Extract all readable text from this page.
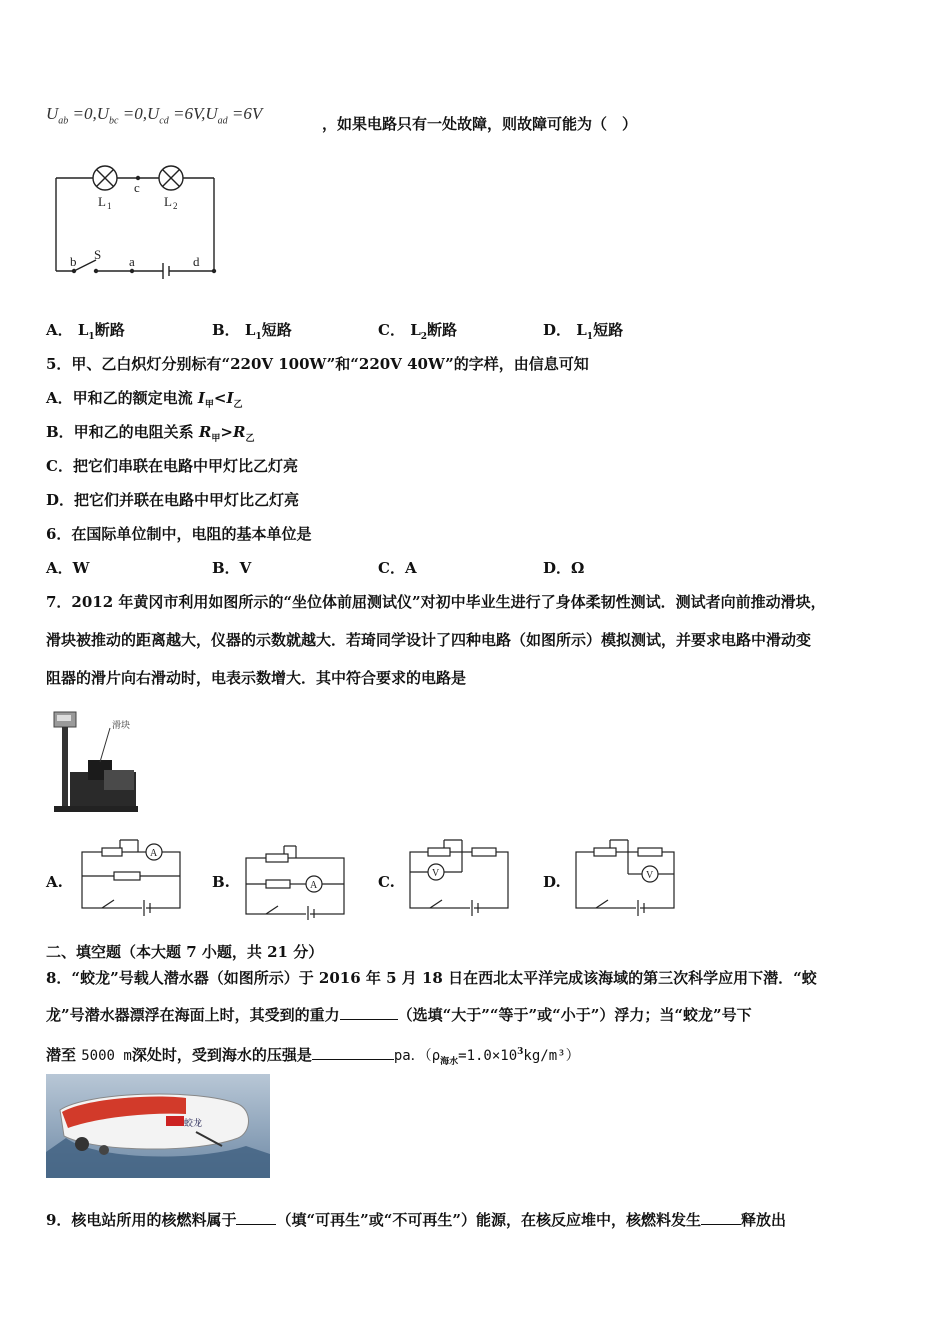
$U_{ab} =0,U_{bc} =0,U_{cd} =6V,U_{ad} =6V$
，如果电路只有一处故障，则故障可能为（　）
L 1	L 2
c
S
b	a	d
A． $L_1$断路	B． $L_1$短路	C． $L_2$断路	D． $L_1$短路
5．甲、乙白炽灯分别标有“220V 100W”和“220V 40W”的字样，由信息可知
A．甲和乙的额定电流 $I_甲<I_乙$
B．甲和乙的电阻关系 $R_甲>R_乙$
C．把它们串联在电路中甲灯比乙灯亮
D．把它们并联在电路中甲灯比乙灯亮
6．在国际单位制中，电阻的基本单位是
A．W	B．V	C．A	D．Ω
7．2012 年黄冈市利用如图所示的“坐位体前屈测试仪”对初中毕业生进行了身体柔韧性测试．测试者向前推动滑块，
滑块被推动的距离越大，仪器的示数就越大．若琦同学设计了四种电路（如图所示）模拟测试，并要求电路中滑动变
阻器的滑片向右滑动时，电表示数增大．其中符合要求的电路是
滑块
A.	B.	C.	D.
A
A
V	V
二、填空题（本大题 7 小题，共 21 分）
8．“蛟龙”号载人潜水器（如图所示）于 2016 年 5 月 18 日在西北太平洋完成该海域的第三次科学应用下潜．“蛟
龙”号潜水器漂浮在海面上时，其受到的重力	（选填“大于”“等于”或“小于”）浮力；当“蛟龙”号下
潜至 5000 m深处时，受到海水的压强是	pa．$(\rho_{海水}=1.0\times 10^3kg/m^3)$
蛟龙
9．核电站所用的核燃料属于	（填“可再生”或“不可再生”）能源，在核反应堆中，核燃料发生	释放出
